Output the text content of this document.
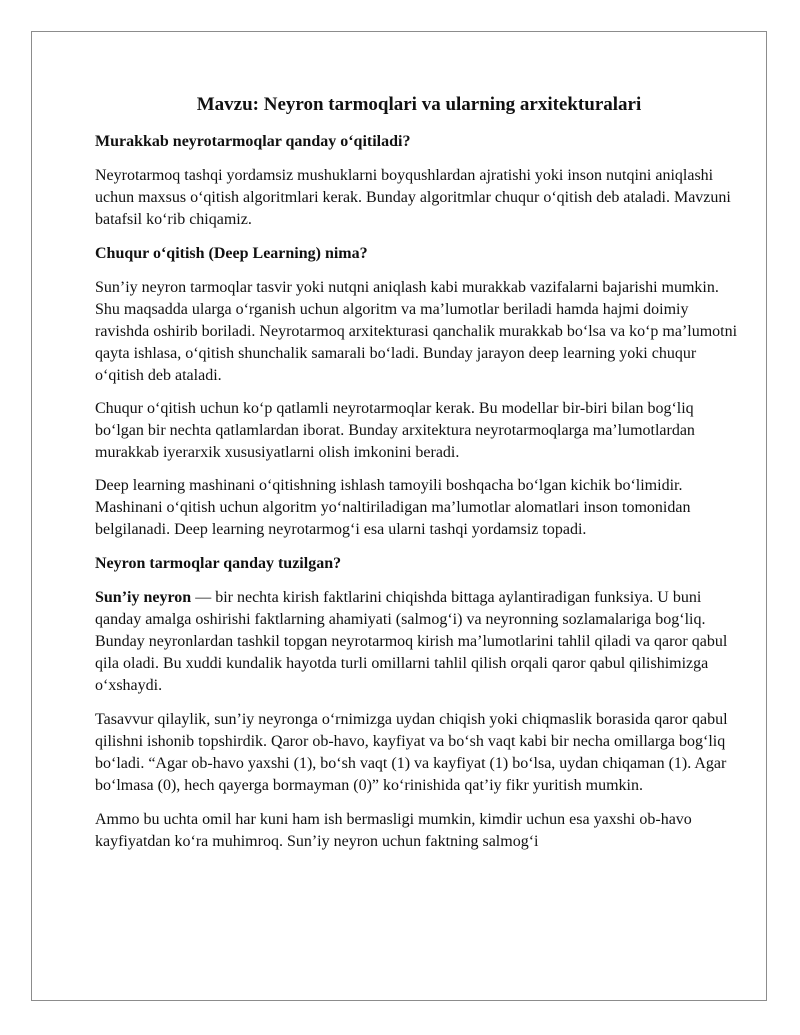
Mavzu: Neyron tarmoqlari va ularning arxitekturalari
Murakkab neyrotarmoqlar qanday o‘qitiladi?
Neyrotarmoq tashqi yordamsiz mushuklarni boyqushlardan ajratishi yoki inson nutqini aniqlashi uchun maxsus o‘qitish algoritmlari kerak. Bunday algoritmlar chuqur o‘qitish deb ataladi. Mavzuni batafsil ko‘rib chiqamiz.
Chuqur o‘qitish (Deep Learning) nima?
Sun’iy neyron tarmoqlar tasvir yoki nutqni aniqlash kabi murakkab vazifalarni bajarishi mumkin. Shu maqsadda ularga o‘rganish uchun algoritm va ma’lumotlar beriladi hamda hajmi doimiy ravishda oshirib boriladi. Neyrotarmoq arxitekturasi qanchalik murakkab bo‘lsa va ko‘p ma’lumotni qayta ishlasa, o‘qitish shunchalik samarali bo‘ladi. Bunday jarayon deep learning yoki chuqur o‘qitish deb ataladi.
Chuqur o‘qitish uchun ko‘p qatlamli neyrotarmoqlar kerak. Bu modellar bir-biri bilan bog‘liq bo‘lgan bir nechta qatlamlardan iborat. Bunday arxitektura neyrotarmoqlarga ma’lumotlardan murakkab iyerarxik xususiyatlarni olish imkonini beradi.
Deep learning mashinani o‘qitishning ishlash tamoyili boshqacha bo‘lgan kichik bo‘limidir. Mashinani o‘qitish uchun algoritm yo‘naltiriladigan ma’lumotlar alomatlari inson tomonidan belgilanadi. Deep learning neyrotarmog‘i esa ularni tashqi yordamsiz topadi.
Neyron tarmoqlar qanday tuzilgan?
Sun’iy neyron — bir nechta kirish faktlarini chiqishda bittaga aylantiradigan funksiya. U buni qanday amalga oshirishi faktlarning ahamiyati (salmog‘i) va neyronning sozlamalariga bog‘liq. Bunday neyronlardan tashkil topgan neyrotarmoq kirish ma’lumotlarini tahlil qiladi va qaror qabul qila oladi. Bu xuddi kundalik hayotda turli omillarni tahlil qilish orqali qaror qabul qilishimizga o‘xshaydi.
Tasavvur qilaylik, sun’iy neyronga o‘rnimizga uydan chiqish yoki chiqmaslik borasida qaror qabul qilishni ishonib topshirdik. Qaror ob-havo, kayfiyat va bo‘sh vaqt kabi bir necha omillarga bog‘liq bo‘ladi. “Agar ob-havo yaxshi (1), bo‘sh vaqt (1) va kayfiyat (1) bo‘lsa, uydan chiqaman (1). Agar bo‘lmasa (0), hech qayerga bormayman (0)” ko‘rinishida qat’iy fikr yuritish mumkin.
Ammo bu uchta omil har kuni ham ish bermasligi mumkin, kimdir uchun esa yaxshi ob-havo kayfiyatdan ko‘ra muhimroq. Sun’iy neyron uchun faktning salmog‘i
